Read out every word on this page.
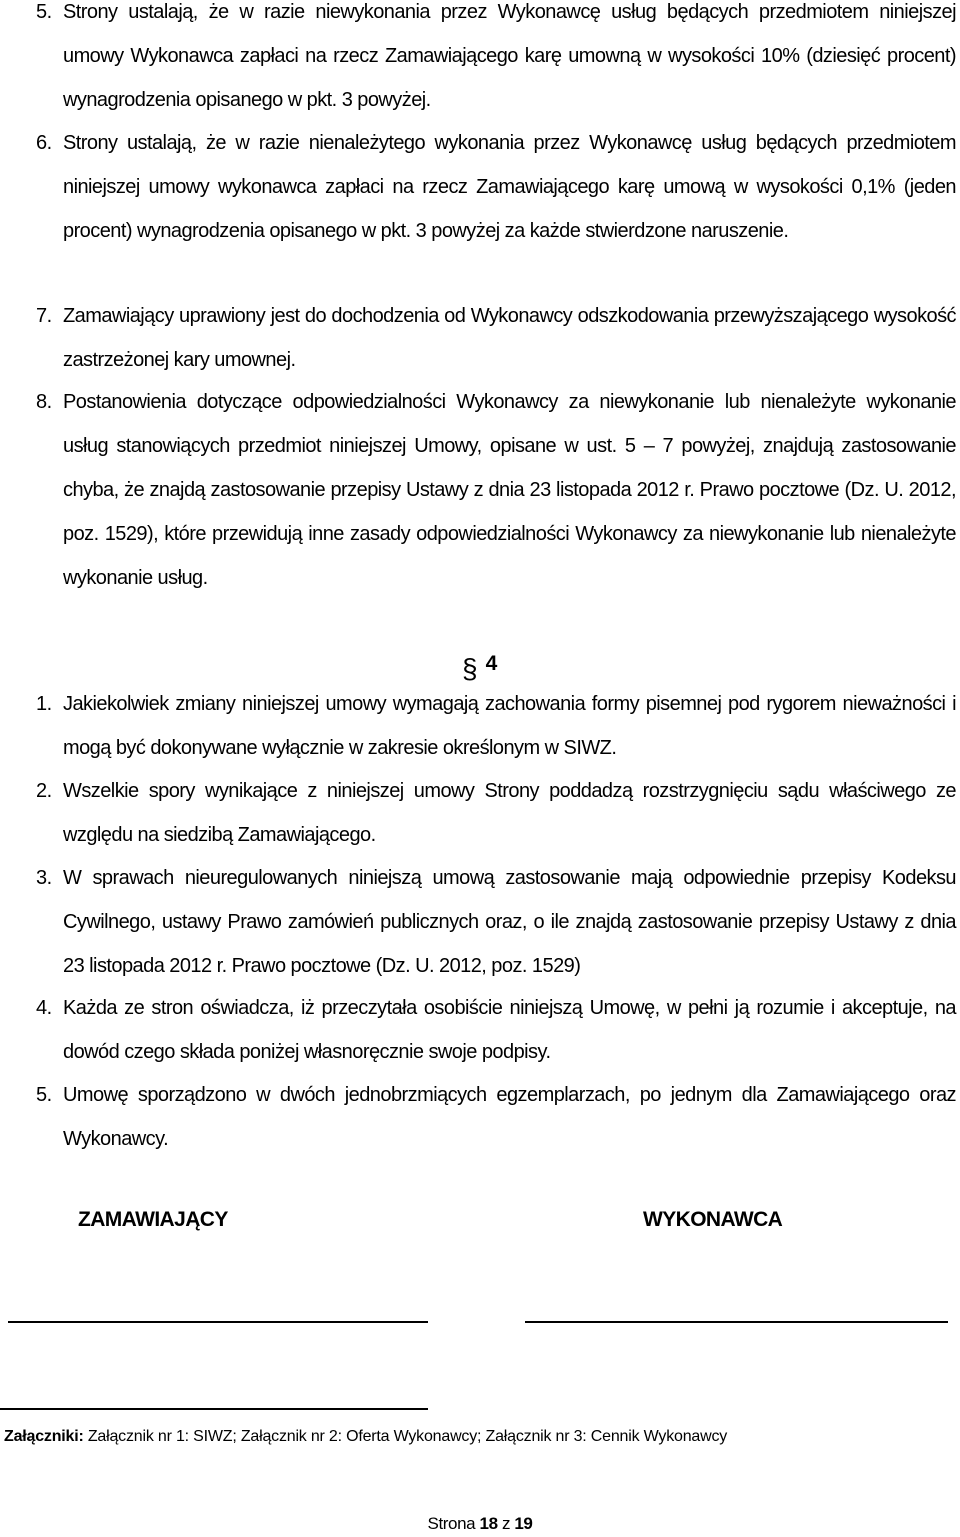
5. Strony ustalają, że w razie niewykonania przez Wykonawcę usług będących przedmiotem niniejszej umowy Wykonawca zapłaci na rzecz Zamawiającego karę umowną w wysokości 10% (dziesięć procent) wynagrodzenia opisanego w pkt. 3 powyżej.
6. Strony ustalają, że w razie nienależytego wykonania przez Wykonawcę usług będących przedmiotem niniejszej umowy wykonawca zapłaci na rzecz Zamawiającego karę umową w wysokości 0,1% (jeden procent) wynagrodzenia opisanego w pkt. 3 powyżej za każde stwierdzone naruszenie.
7. Zamawiający uprawiony jest do dochodzenia od Wykonawcy odszkodowania przewyższającego wysokość zastrzeżonej kary umownej.
8. Postanowienia dotyczące odpowiedzialności Wykonawcy za niewykonanie lub nienależyte wykonanie usług stanowiących przedmiot niniejszej Umowy, opisane w ust. 5 – 7 powyżej, znajdują zastosowanie chyba, że znajdą zastosowanie przepisy Ustawy z dnia 23 listopada 2012 r. Prawo pocztowe (Dz. U. 2012, poz. 1529), które przewidują inne zasady odpowiedzialności Wykonawcy za niewykonanie lub nienależyte wykonanie usług.
§ 4
1. Jakiekolwiek zmiany niniejszej umowy wymagają zachowania formy pisemnej pod rygorem nieważności i mogą być dokonywane wyłącznie w zakresie określonym w SIWZ.
2. Wszelkie spory wynikające z niniejszej umowy Strony poddadzą rozstrzygnięciu sądu właściwego ze względu na siedzibą Zamawiającego.
3. W sprawach nieuregulowanych niniejszą umową zastosowanie mają odpowiednie przepisy Kodeksu Cywilnego, ustawy Prawo zamówień publicznych oraz, o ile znajdą zastosowanie przepisy Ustawy z dnia 23 listopada 2012 r. Prawo pocztowe (Dz. U. 2012, poz. 1529)
4. Każda ze stron oświadcza, iż przeczytała osobiście niniejszą Umowę, w pełni ją rozumie i akceptuje, na dowód czego składa poniżej własnoręcznie swoje podpisy.
5. Umowę sporządzono w dwóch jednobrzmiących egzemplarzach, po jednym dla Zamawiającego oraz Wykonawcy.
ZAMAWIAJĄCY	WYKONAWCA
Załączniki: Załącznik nr 1: SIWZ; Załącznik nr 2: Oferta Wykonawcy; Załącznik nr 3: Cennik Wykonawcy
Strona 18 z 19
